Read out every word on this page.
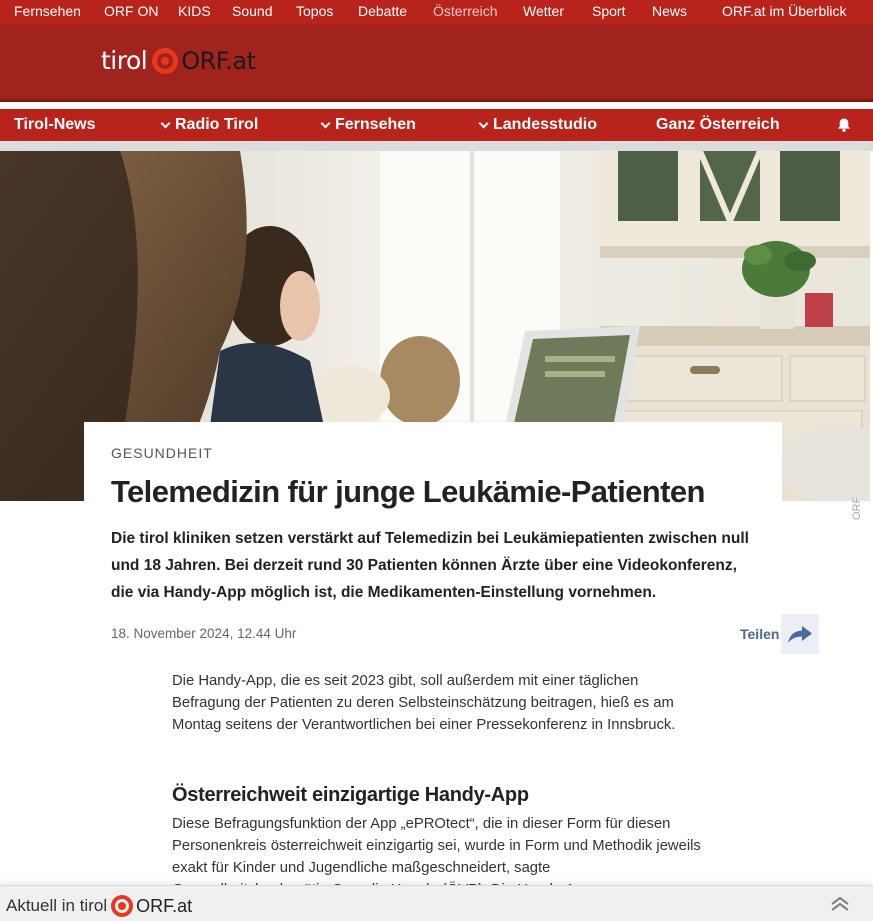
Fernsehen ORF ON KIDS Sound Topos Debatte Österreich Wetter Sport News ORF.at im Überblick
tirol ORF.at
Tirol-News	Radio Tirol	Fernsehen	Landesstudio	Ganz Österreich
ORF
GESUNDHEIT
Telemedizin für junge Leukämie-Patienten

Die tirol kliniken setzen verstärkt auf Telemedizin bei Leukämiepatienten zwischen null und 18 Jahren. Bei derzeit rund 30 Patienten können Ärzte über eine Videokonferenz, die via Handy-App möglich ist, die Medikamenten-Einstellung vornehmen.

18. November 2024, 12.44 Uhr	Teilen

Die Handy-App, die es seit 2023 gibt, soll außerdem mit einer täglichen Befragung der Patienten zu deren Selbsteinschätzung beitragen, hieß es am Montag seitens der Verantwortlichen bei einer Pressekonferenz in Innsbruck.

Österreichweit einzigartige Handy-App

Diese Befragungsfunktion der App „ePROtect“, die in dieser Form für diesen Personenkreis österreichweit einzigartig sei, wurde in Form und Methodik jeweils exakt für Kinder und Jugendliche maßgeschneidert, sagte

Aktuell in tirol ORF.at
